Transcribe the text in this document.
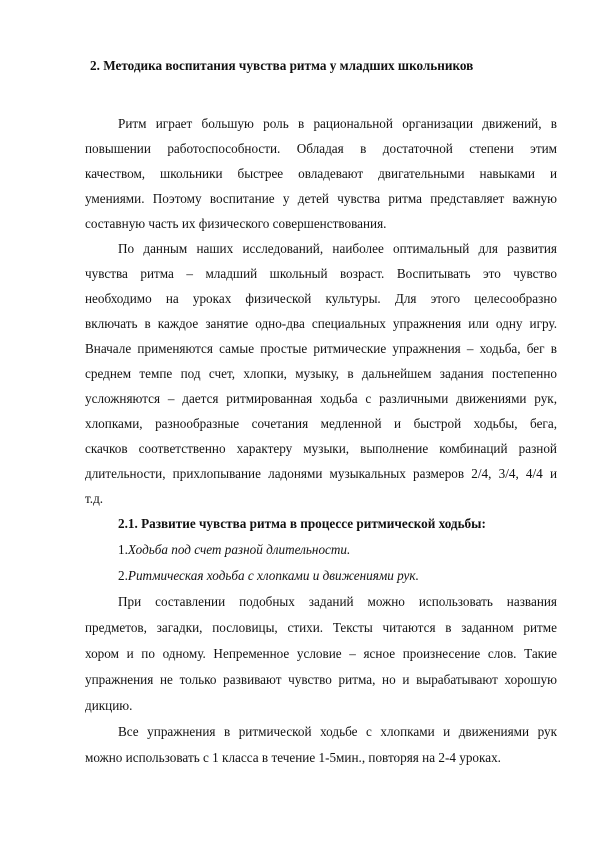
2. Методика воспитания чувства ритма у младших школьников
Ритм играет большую роль в рациональной организации движений, в
повышении работоспособности. Обладая в достаточной степени этим
качеством, школьники быстрее овладевают двигательными навыками и
умениями. Поэтому воспитание у детей чувства ритма представляет важную
составную часть их физического совершенствования.
По данным наших исследований, наиболее оптимальный для развития
чувства ритма – младший школьный возраст. Воспитывать это чувство
необходимо на уроках физической культуры. Для этого целесообразно
включать в каждое занятие одно-два специальных упражнения или одну игру.
Вначале применяются самые простые ритмические упражнения – ходьба, бег в
среднем темпе под счет, хлопки, музыку, в дальнейшем задания постепенно
усложняются – дается ритмированная ходьба с различными движениями рук,
хлопками, разнообразные сочетания медленной и быстрой ходьбы, бега,
скачков соответственно характеру музыки, выполнение комбинаций разной
длительности, прихлопывание ладонями музыкальных размеров 2/4, 3/4, 4/4 и
т.д.
2.1. Развитие чувства ритма в процессе ритмической ходьбы:
1.Ходьба под счет разной длительности.
2.Ритмическая ходьба с хлопками и движениями рук.
При составлении подобных заданий можно использовать названия
предметов, загадки, пословицы, стихи. Тексты читаются в заданном ритме
хором и по одному. Непременное условие – ясное произнесение слов. Такие
упражнения не только развивают чувство ритма, но и вырабатывают хорошую
дикцию.
Все упражнения в ритмической ходьбе с хлопками и движениями рук
можно использовать с 1 класса в течение 1-5мин., повторяя на 2-4 уроках.
